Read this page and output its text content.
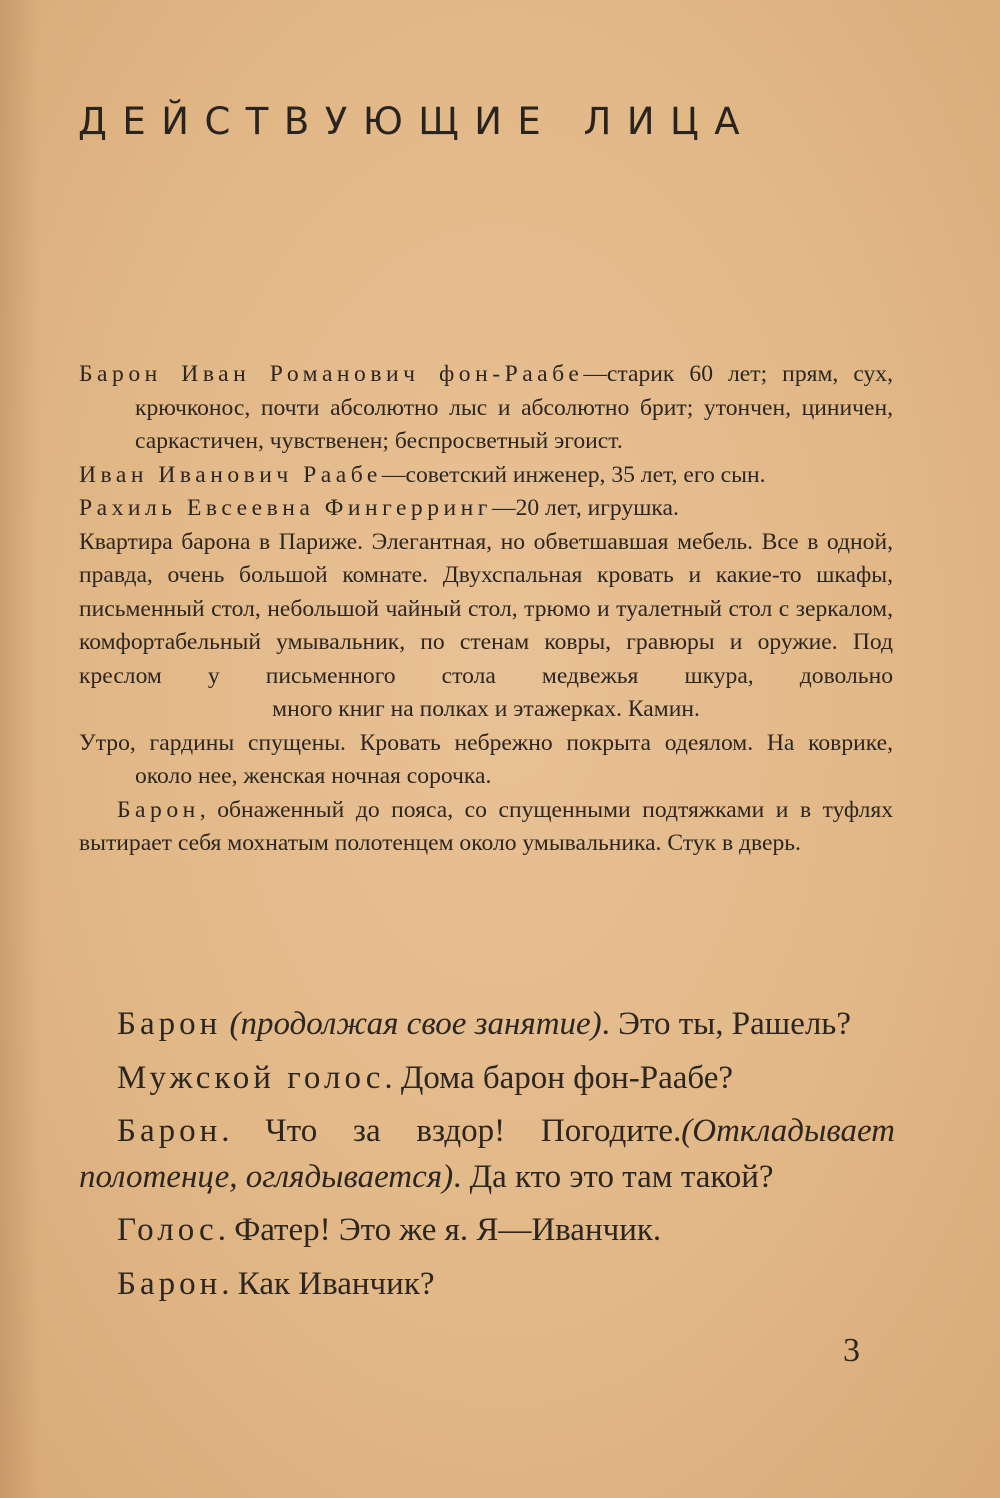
ДЕЙСТВУЮЩИЕ ЛИЦА

Барон Иван Романович фон-Раабе—старик 60 лет; прям, сух, крючконос, почти абсолютно лыс и абсолютно брит; утончен, циничен, саркастичен, чувственен; беспросветный эгоист.

Иван Иванович Раабе—советский инженер, 35 лет, его сын.

Рахиль Евсеевна Фингерринг—20 лет, игрушка.

Квартира барона в Париже. Элегантная, но обветшавшая мебель. Все в одной, правда, очень большой комнате. Двухспальная кровать и какие-то шкафы, письменный стол, небольшой чайный стол, трюмо и туалетный стол с зеркалом, комфортабельный умывальник, по стенам ковры, гравюры и оружие. Под креслом у письменного стола медвежья шкура, довольно

много книг на полках и этажерках. Камин.

Утро, гардины спущены. Кровать небрежно покрыта одеялом. На коврике, около нее, женская ночная сорочка.

Барон, обнаженный до пояса, со спущенными подтяжками и в туфлях вытирает себя мохнатым полотенцем около умывальника. Стук в дверь.

Барон (продолжая свое занятие). Это ты, Рашель?

Мужской голос. Дома барон фон-Раабе?

Барон. Что за вздор! Погодите.(Откладывает полотенце, оглядывается). Да кто это там такой?

Голос. Фатер! Это же я. Я—Иванчик.

Барон. Как Иванчик?

3
